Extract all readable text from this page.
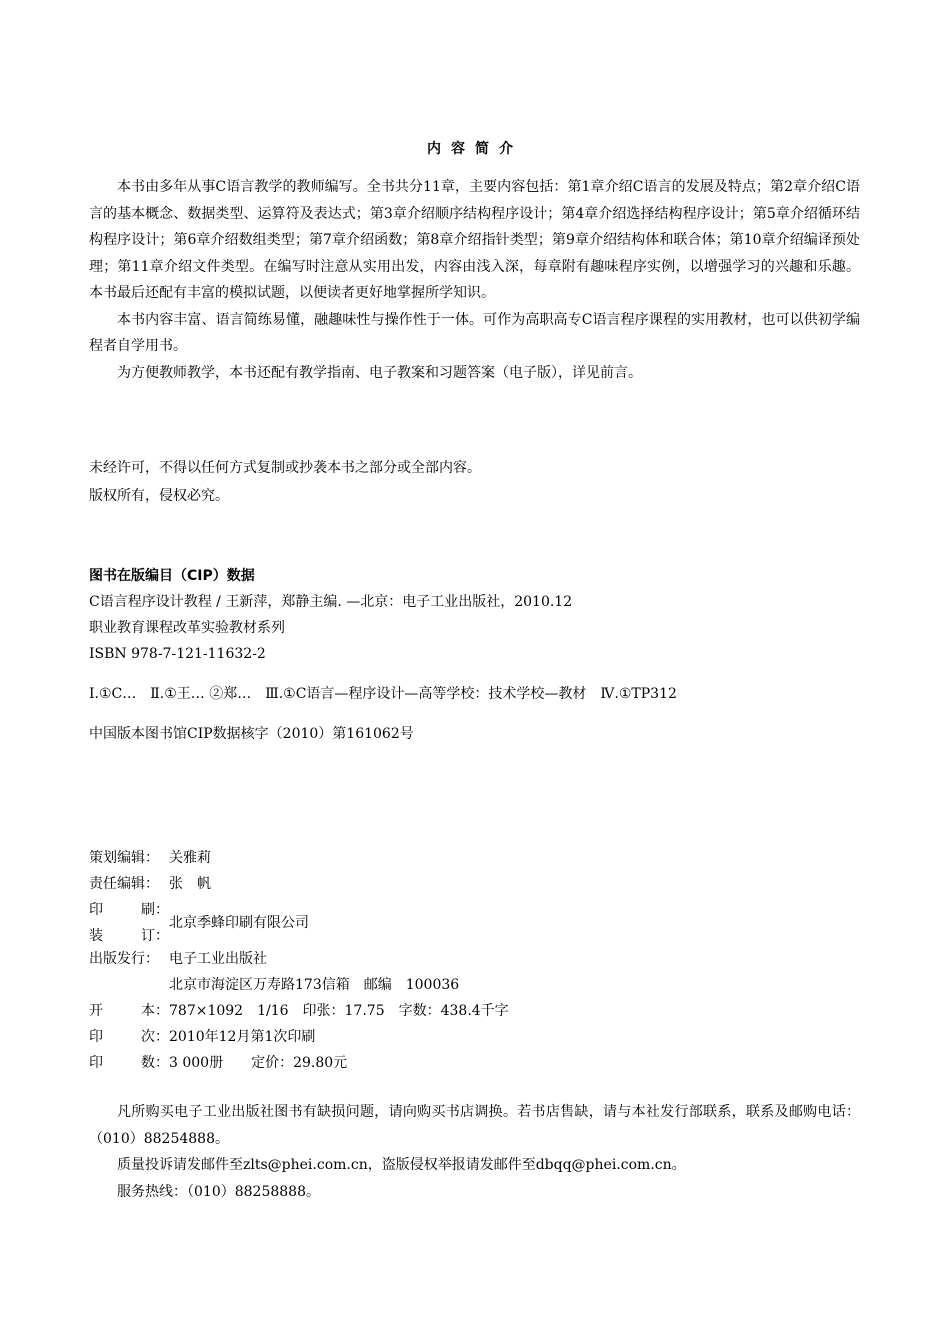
内容简介

本书由多年从事C语言教学的教师编写。全书共分11章，主要内容包括：第1章介绍C语言的发展及特点；第2章介绍C语言的基本概念、数据类型、运算符及表达式；第3章介绍顺序结构程序设计；第4章介绍选择结构程序设计；第5章介绍循环结构程序设计；第6章介绍数组类型；第7章介绍函数；第8章介绍指针类型；第9章介绍结构体和联合体；第10章介绍编译预处理；第11章介绍文件类型。在编写时注意从实用出发，内容由浅入深，每章附有趣味程序实例，以增强学习的兴趣和乐趣。本书最后还配有丰富的模拟试题，以便读者更好地掌握所学知识。

本书内容丰富、语言简练易懂，融趣味性与操作性于一体。可作为高职高专C语言程序课程的实用教材，也可以供初学编程者自学用书。

为方便教师教学，本书还配有教学指南、电子教案和习题答案（电子版），详见前言。

未经许可，不得以任何方式复制或抄袭本书之部分或全部内容。

版权所有，侵权必究。

图书在版编目（CIP）数据

C语言程序设计教程 / 王新萍，郑静主编. —北京：电子工业出版社，2010.12

职业教育课程改革实验教材系列

ISBN 978-7-121-11632-2

Ⅰ.①C…　Ⅱ.①王… ②郑…　Ⅲ.①C语言—程序设计—高等学校：技术学校—教材　Ⅳ.①TP312

中国版本图书馆CIP数据核字（2010）第161062号

策划编辑： 关雅莉
责任编辑： 张　帆
印	刷：
北京季蜂印刷有限公司
装	订：
出版发行： 电子工业出版社
北京市海淀区万寿路173信箱　邮编　100036
开	本： 787×1092　1/16　印张：17.75　字数：438.4千字
印	次： 2010年12月第1次印刷
印	数： 3 000册　　定价：29.80元

凡所购买电子工业出版社图书有缺损问题，请向购买书店调换。若书店售缺，请与本社发行部联系，联系及邮购电话：（010）88254888。

质量投诉请发邮件至zlts@phei.com.cn，盗版侵权举报请发邮件至dbqq@phei.com.cn。

服务热线：（010）88258888。
